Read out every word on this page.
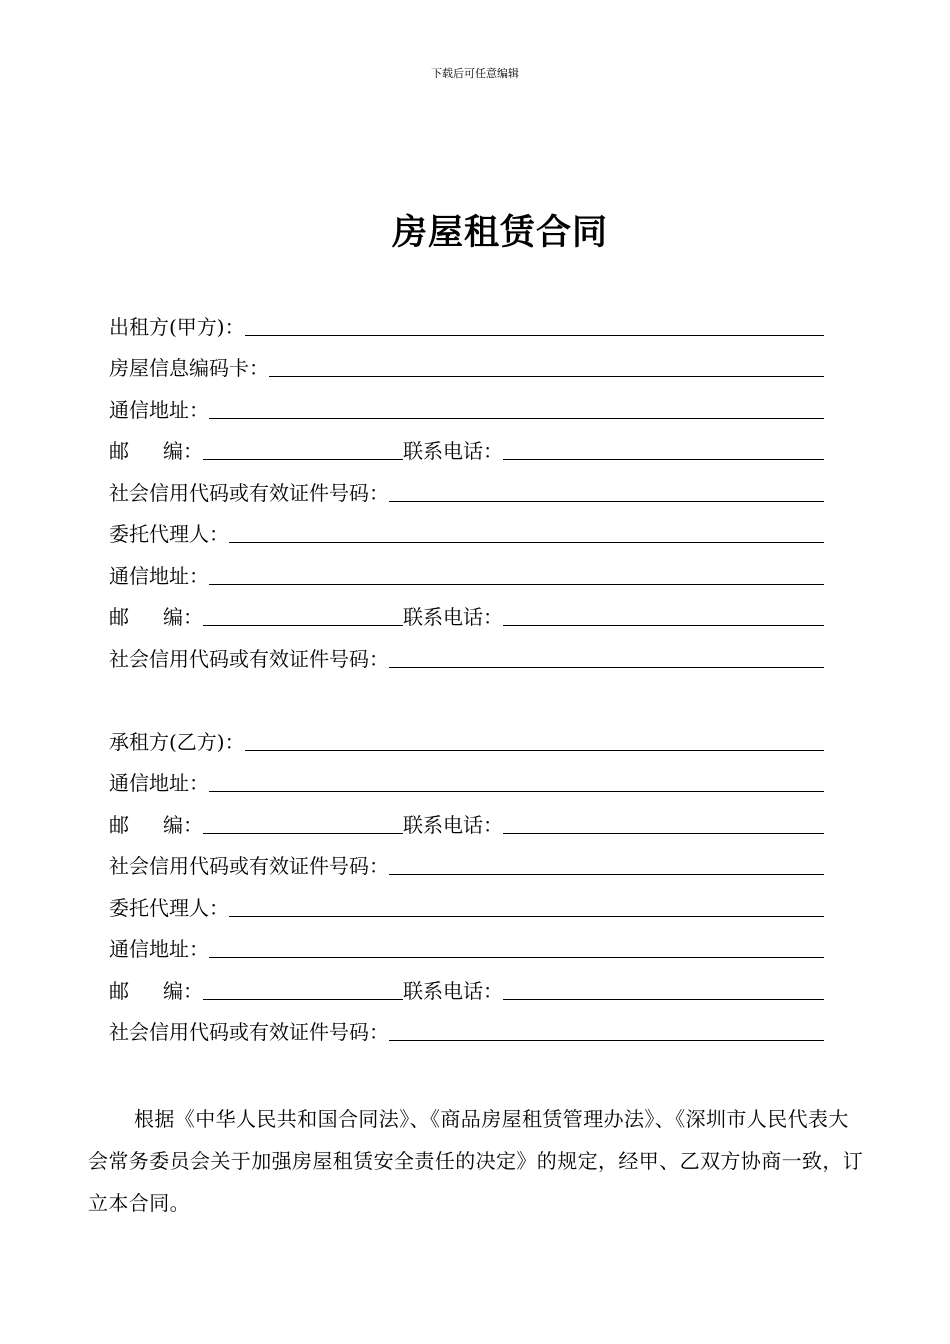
下载后可任意编辑
房屋租赁合同
出租方(甲方)：
房屋信息编码卡：
通信地址：
邮 编：	联系电话：
社会信用代码或有效证件号码：
委托代理人：
通信地址：
邮 编：	联系电话：
社会信用代码或有效证件号码：
承租方(乙方)：
通信地址：
邮 编：	联系电话：
社会信用代码或有效证件号码：
委托代理人：
通信地址：
邮 编：	联系电话：
社会信用代码或有效证件号码：
根据《中华人民共和国合同法》、《商品房屋租赁管理办法》、《深圳市人民代表大会常务委员会关于加强房屋租赁安全责任的决定》的规定，经甲、乙双方协商一致，订立本合同。
